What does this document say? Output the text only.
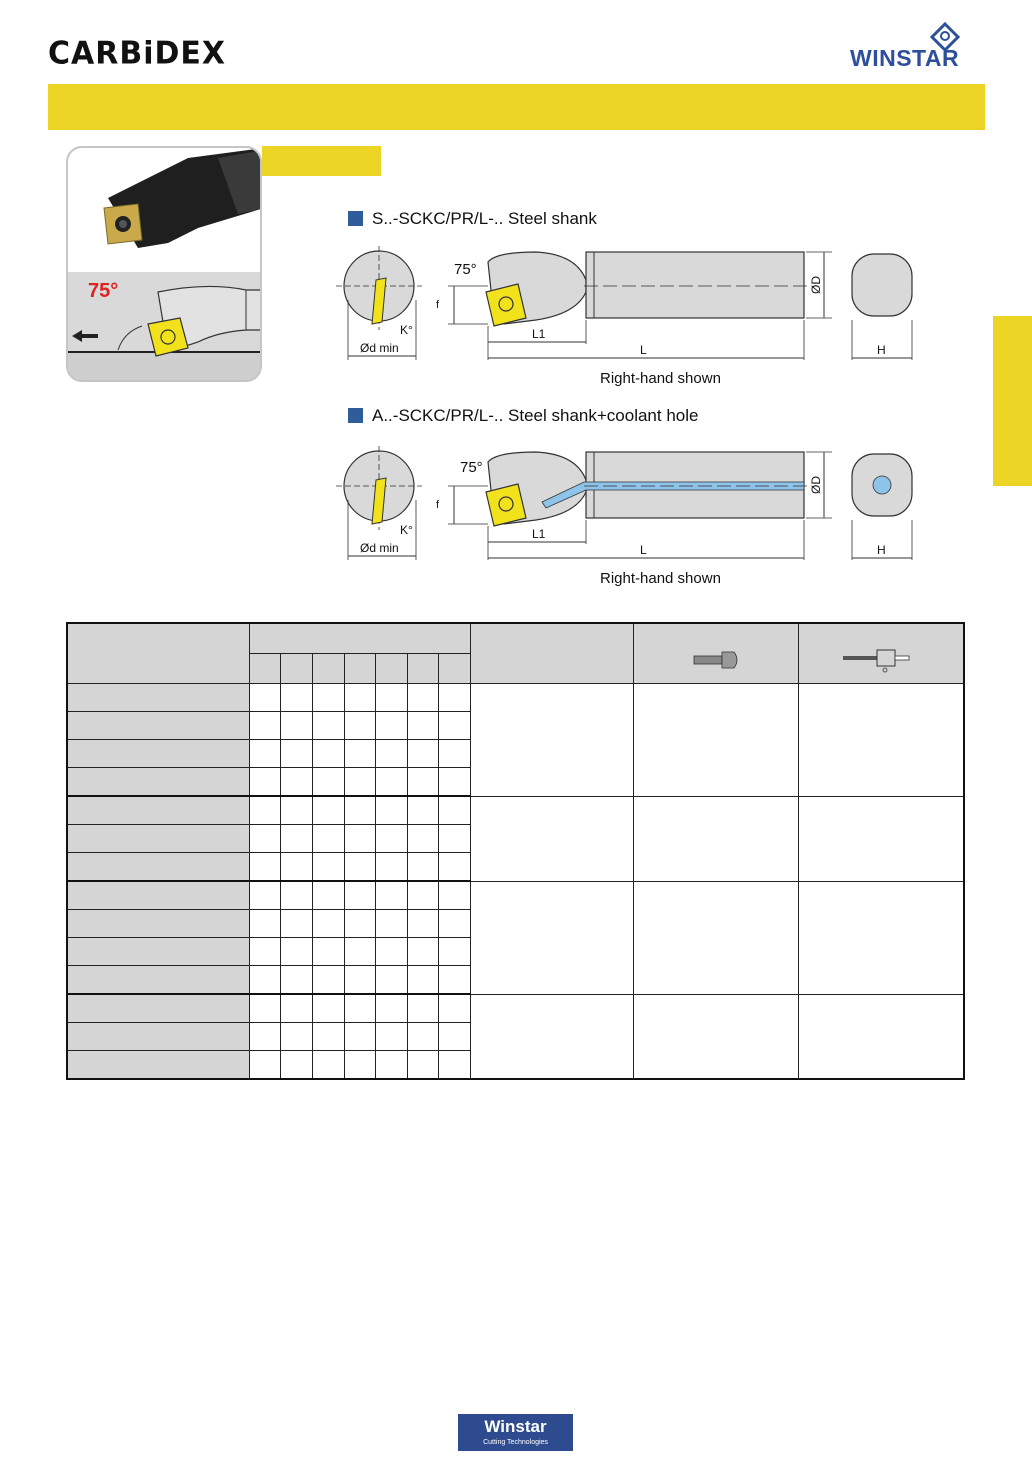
CARBiDEX	WINSTAR
75°
S..-SCKC/PR/L-.. Steel shank
Ød min
K°
75°
f
L1
L
ØD
H
Right-hand shown
A..-SCKC/PR/L-.. Steel shank+coolant hole
Ød min
K°
75°
f
L1
L
ØD
H
Right-hand shown

Winstar
Cutting Technologies
